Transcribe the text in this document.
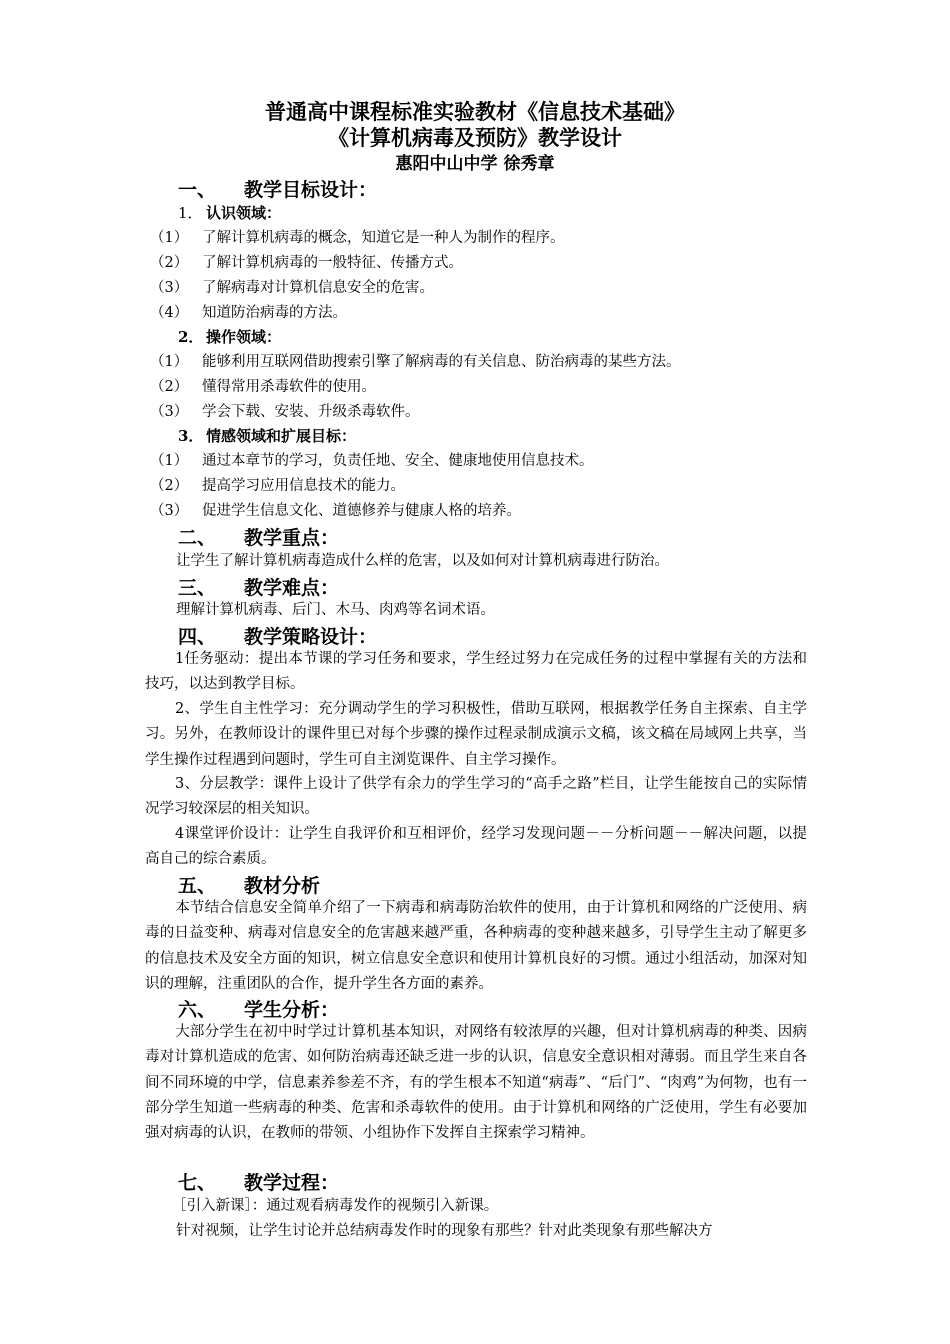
普通高中课程标准实验教材《信息技术基础》
《计算机病毒及预防》教学设计
惠阳中山中学 徐秀章
一、 教学目标设计：
1． 认识领域：
（1） 了解计算机病毒的概念，知道它是一种人为制作的程序。
（2） 了解计算机病毒的一般特征、传播方式。
（3） 了解病毒对计算机信息安全的危害。
（4） 知道防治病毒的方法。
2． 操作领域：
（1） 能够利用互联网借助搜索引擎了解病毒的有关信息、防治病毒的某些方法。
（2） 懂得常用杀毒软件的使用。
（3） 学会下载、安装、升级杀毒软件。
3． 情感领域和扩展目标：
（1） 通过本章节的学习，负责任地、安全、健康地使用信息技术。
（2） 提高学习应用信息技术的能力。
（3） 促进学生信息文化、道德修养与健康人格的培养。
二、 教学重点：
让学生了解计算机病毒造成什么样的危害，以及如何对计算机病毒进行防治。
三、 教学难点：
理解计算机病毒、后门、木马、肉鸡等名词术语。
四、 教学策略设计：
1任务驱动：提出本节课的学习任务和要求，学生经过努力在完成任务的过程中掌握有关的方法和技巧，以达到教学目标。
2、学生自主性学习：充分调动学生的学习积极性，借助互联网，根据教学任务自主探索、自主学习。另外，在教师设计的课件里已对每个步骤的操作过程录制成演示文稿，该文稿在局域网上共享，当学生操作过程遇到问题时，学生可自主浏览课件、自主学习操作。
3、分层教学：课件上设计了供学有余力的学生学习的“高手之路”栏目，让学生能按自己的实际情况学习较深层的相关知识。
4课堂评价设计：让学生自我评价和互相评价，经学习发现问题－－分析问题－－解决问题，以提高自己的综合素质。
五、 教材分析
本节结合信息安全简单介绍了一下病毒和病毒防治软件的使用，由于计算机和网络的广泛使用、病毒的日益变种、病毒对信息安全的危害越来越严重，各种病毒的变种越来越多，引导学生主动了解更多的信息技术及安全方面的知识，树立信息安全意识和使用计算机良好的习惯。通过小组活动，加深对知识的理解，注重团队的合作，提升学生各方面的素养。
六、 学生分析：
大部分学生在初中时学过计算机基本知识，对网络有较浓厚的兴趣，但对计算机病毒的种类、因病毒对计算机造成的危害、如何防治病毒还缺乏进一步的认识，信息安全意识相对薄弱。而且学生来自各间不同环境的中学，信息素养参差不齐，有的学生根本不知道“病毒”、“后门”、“肉鸡”为何物，也有一部分学生知道一些病毒的种类、危害和杀毒软件的使用。由于计算机和网络的广泛使用，学生有必要加强对病毒的认识，在教师的带领、小组协作下发挥自主探索学习精神。
七、 教学过程：
［引入新课］：通过观看病毒发作的视频引入新课。
针对视频，让学生讨论并总结病毒发作时的现象有那些？针对此类现象有那些解决方
